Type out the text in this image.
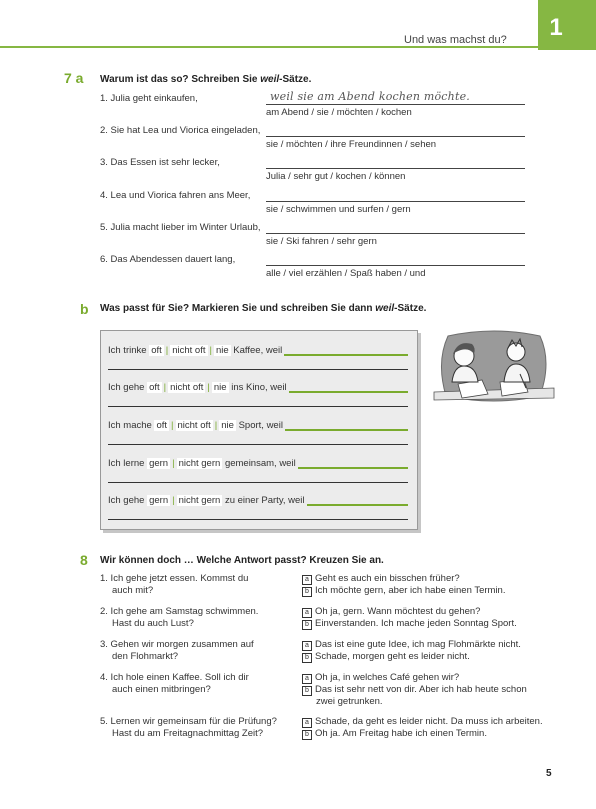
1
Und was machst du?
7 a Warum ist das so? Schreiben Sie weil-Sätze.
1. Julia geht einkaufen,	weil sie am Abend kochen möchte.
am Abend / sie / möchten / kochen
2. Sie hat Lea und Viorica eingeladen,
sie / möchten / ihre Freundinnen / sehen
3. Das Essen ist sehr lecker,
Julia / sehr gut / kochen / können
4. Lea und Viorica fahren ans Meer,
sie / schwimmen und surfen / gern
5. Julia macht lieber im Winter Urlaub,
sie / Ski fahren / sehr gern
6. Das Abendessen dauert lang,
alle / viel erzählen / Spaß haben / und
b Was passt für Sie? Markieren Sie und schreiben Sie dann weil-Sätze.
Ich trinke oft | nicht oft | nie Kaffee, weil
Ich gehe oft | nicht oft | nie ins Kino, weil
Ich mache oft | nicht oft | nie Sport, weil
Ich lerne gern | nicht gern gemeinsam, weil
Ich gehe gern | nicht gern zu einer Party, weil
8 Wir können doch … Welche Antwort passt? Kreuzen Sie an.
1. Ich gehe jetzt essen. Kommst du
auch mit?
a Geht es auch ein bisschen früher?
b Ich möchte gern, aber ich habe einen Termin.
2. Ich gehe am Samstag schwimmen.
Hast du auch Lust?
a Oh ja, gern. Wann möchtest du gehen?
b Einverstanden. Ich mache jeden Sonntag Sport.
3. Gehen wir morgen zusammen auf
den Flohmarkt?
a Das ist eine gute Idee, ich mag Flohmärkte nicht.
b Schade, morgen geht es leider nicht.
4. Ich hole einen Kaffee. Soll ich dir
auch einen mitbringen?
a Oh ja, in welches Café gehen wir?
b Das ist sehr nett von dir. Aber ich hab heute schon
zwei getrunken.
5. Lernen wir gemeinsam für die Prüfung?
Hast du am Freitagnachmittag Zeit?
a Schade, da geht es leider nicht. Da muss ich arbeiten.
b Oh ja. Am Freitag habe ich einen Termin.
5
